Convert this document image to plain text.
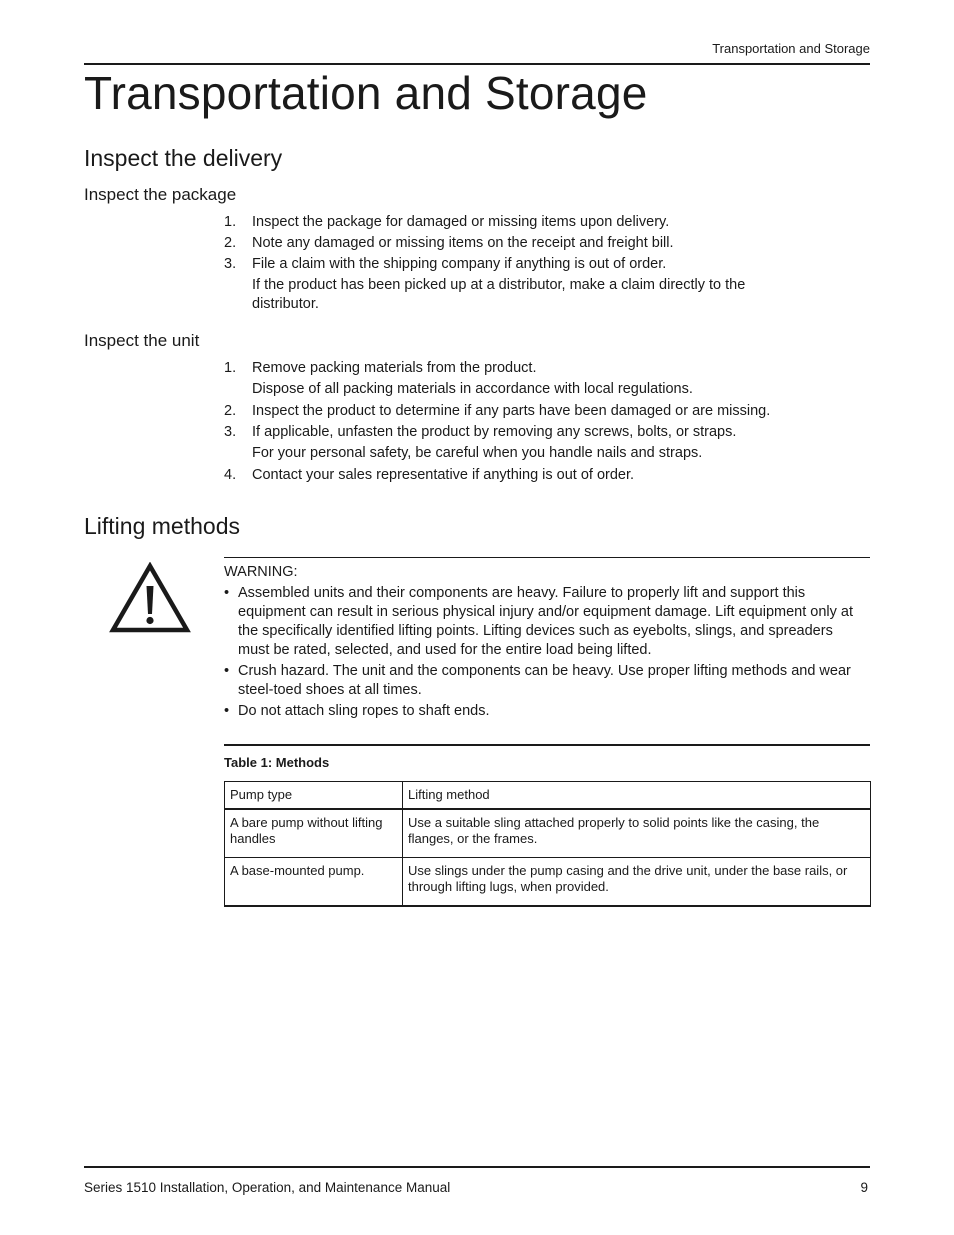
Transportation and Storage
Transportation and Storage
Inspect the delivery
Inspect the package
1. Inspect the package for damaged or missing items upon delivery.
2. Note any damaged or missing items on the receipt and freight bill.
3. File a claim with the shipping company if anything is out of order.
If the product has been picked up at a distributor, make a claim directly to the distributor.
Inspect the unit
1. Remove packing materials from the product.
Dispose of all packing materials in accordance with local regulations.
2. Inspect the product to determine if any parts have been damaged or are missing.
3. If applicable, unfasten the product by removing any screws, bolts, or straps.
For your personal safety, be careful when you handle nails and straps.
4. Contact your sales representative if anything is out of order.
Lifting methods
WARNING:
• Assembled units and their components are heavy. Failure to properly lift and support this equipment can result in serious physical injury and/or equipment damage. Lift equipment only at the specifically identified lifting points. Lifting devices such as eyebolts, slings, and spreaders must be rated, selected, and used for the entire load being lifted.
• Crush hazard. The unit and the components can be heavy. Use proper lifting methods and wear steel-toed shoes at all times.
• Do not attach sling ropes to shaft ends.
Table 1: Methods
Pump type	Lifting method
A bare pump without lifting handles	Use a suitable sling attached properly to solid points like the casing, the flanges, or the frames.
A base-mounted pump.	Use slings under the pump casing and the drive unit, under the base rails, or through lifting lugs, when provided.
Series 1510 Installation, Operation, and Maintenance Manual	9
